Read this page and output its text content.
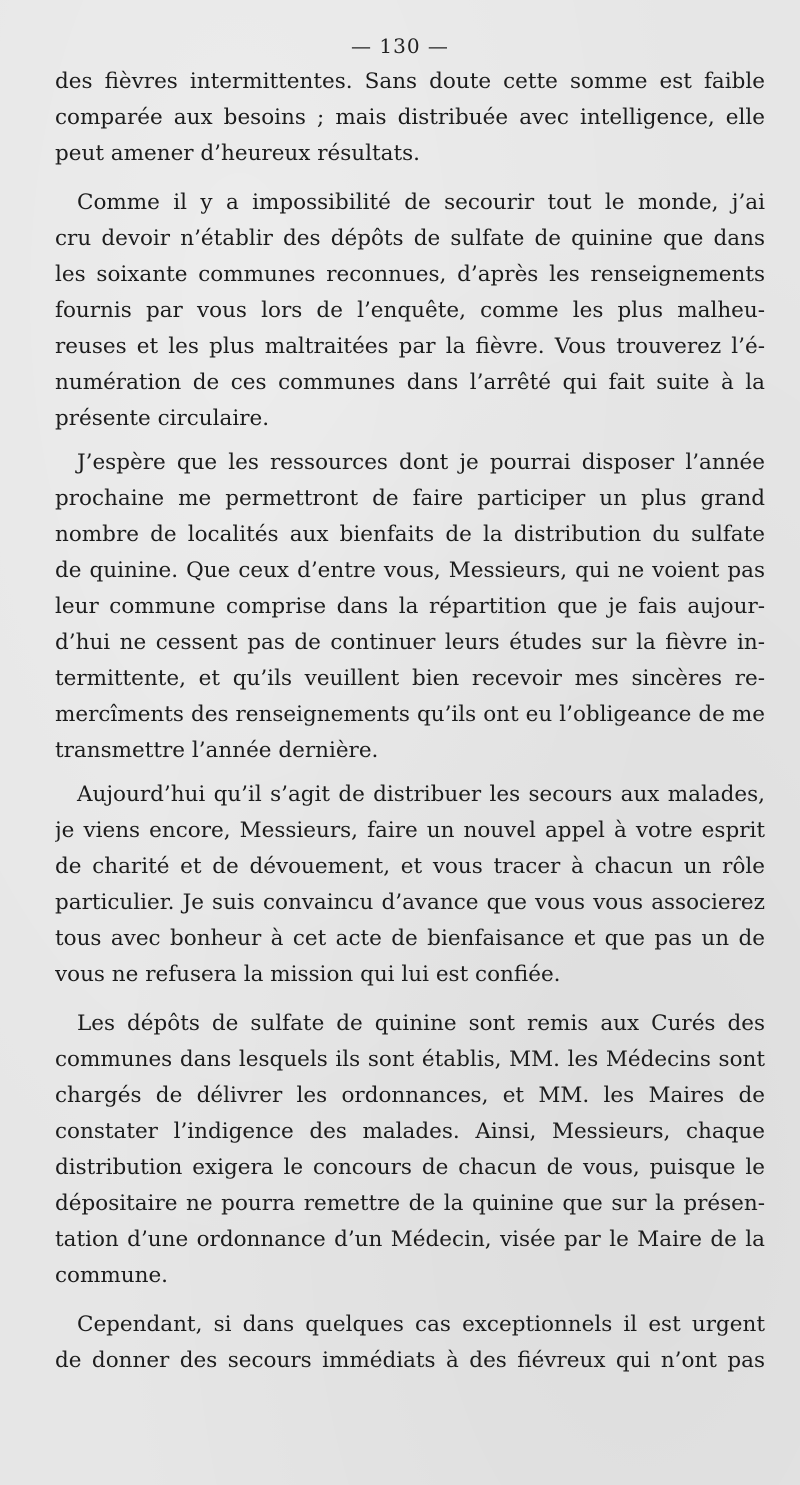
— 130 —
des fièvres intermittentes. Sans doute cette somme est faible
comparée aux besoins ; mais distribuée avec intelligence, elle
peut amener d’heureux résultats.
Comme il y a impossibilité de secourir tout le monde, j’ai
cru devoir n’établir des dépôts de sulfate de quinine que dans
les soixante communes reconnues, d’après les renseignements
fournis par vous lors de l’enquête, comme les plus malheu-
reuses et les plus maltraitées par la fièvre. Vous trouverez l’é-
numération de ces communes dans l’arrêté qui fait suite à la
présente circulaire.
J’espère que les ressources dont je pourrai disposer l’année
prochaine me permettront de faire participer un plus grand
nombre de localités aux bienfaits de la distribution du sulfate
de quinine. Que ceux d’entre vous, Messieurs, qui ne voient pas
leur commune comprise dans la répartition que je fais aujour-
d’hui ne cessent pas de continuer leurs études sur la fièvre in-
termittente, et qu’ils veuillent bien recevoir mes sincères re-
mercîments des renseignements qu’ils ont eu l’obligeance de me
transmettre l’année dernière.
Aujourd’hui qu’il s’agit de distribuer les secours aux malades,
je viens encore, Messieurs, faire un nouvel appel à votre esprit
de charité et de dévouement, et vous tracer à chacun un rôle
particulier. Je suis convaincu d’avance que vous vous associerez
tous avec bonheur à cet acte de bienfaisance et que pas un de
vous ne refusera la mission qui lui est confiée.
Les dépôts de sulfate de quinine sont remis aux Curés des
communes dans lesquels ils sont établis, MM. les Médecins sont
chargés de délivrer les ordonnances, et MM. les Maires de
constater l’indigence des malades. Ainsi, Messieurs, chaque
distribution exigera le concours de chacun de vous, puisque le
dépositaire ne pourra remettre de la quinine que sur la présen-
tation d’une ordonnance d’un Médecin, visée par le Maire de la
commune.
Cependant, si dans quelques cas exceptionnels il est urgent
de donner des secours immédiats à des fiévreux qui n’ont pas
